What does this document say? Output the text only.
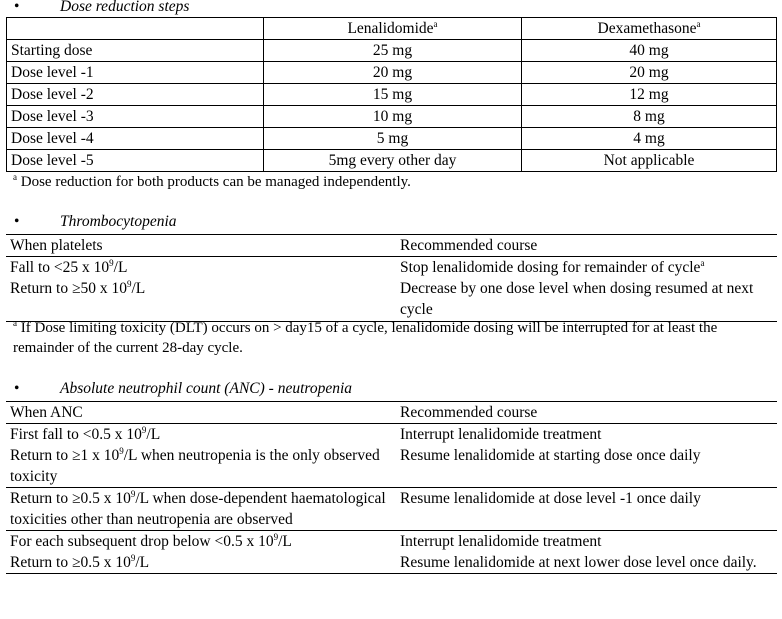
•	Dose reduction steps
	Lenalidomide$^a$	Dexamethasone$^a$
Starting dose	25 mg	40 mg
Dose level -1	20 mg	20 mg
Dose level -2	15 mg	12 mg
Dose level -3	10 mg	8 mg
Dose level -4	5 mg	4 mg
Dose level -5	5mg every other day	Not applicable
$^a$ Dose reduction for both products can be managed independently.
•	Thrombocytopenia
When platelets	Recommended course
Fall to <25 x $10^9/L$	Stop lenalidomide dosing for remainder of cycle$^a$
Return to ≥50 x $10^9/L$	Decrease by one dose level when dosing resumed at next cycle
$^a$ If Dose limiting toxicity (DLT) occurs on > day15 of a cycle, lenalidomide dosing will be interrupted for at least the remainder of the current 28-day cycle.
•	Absolute neutrophil count (ANC) - neutropenia
When ANC	Recommended course
First fall to <0.5 x $10^9/L$	Interrupt lenalidomide treatment
Return to ≥1 x $10^9/L$ when neutropenia is the only observed toxicity	Resume lenalidomide at starting dose once daily
Return to ≥0.5 x $10^9/L$ when dose-dependent haematological toxicities other than neutropenia are observed	Resume lenalidomide at dose level -1 once daily
For each subsequent drop below <0.5 x $10^9/L$	Interrupt lenalidomide treatment
Return to ≥0.5 x $10^9/L$	Resume lenalidomide at next lower dose level once daily.
